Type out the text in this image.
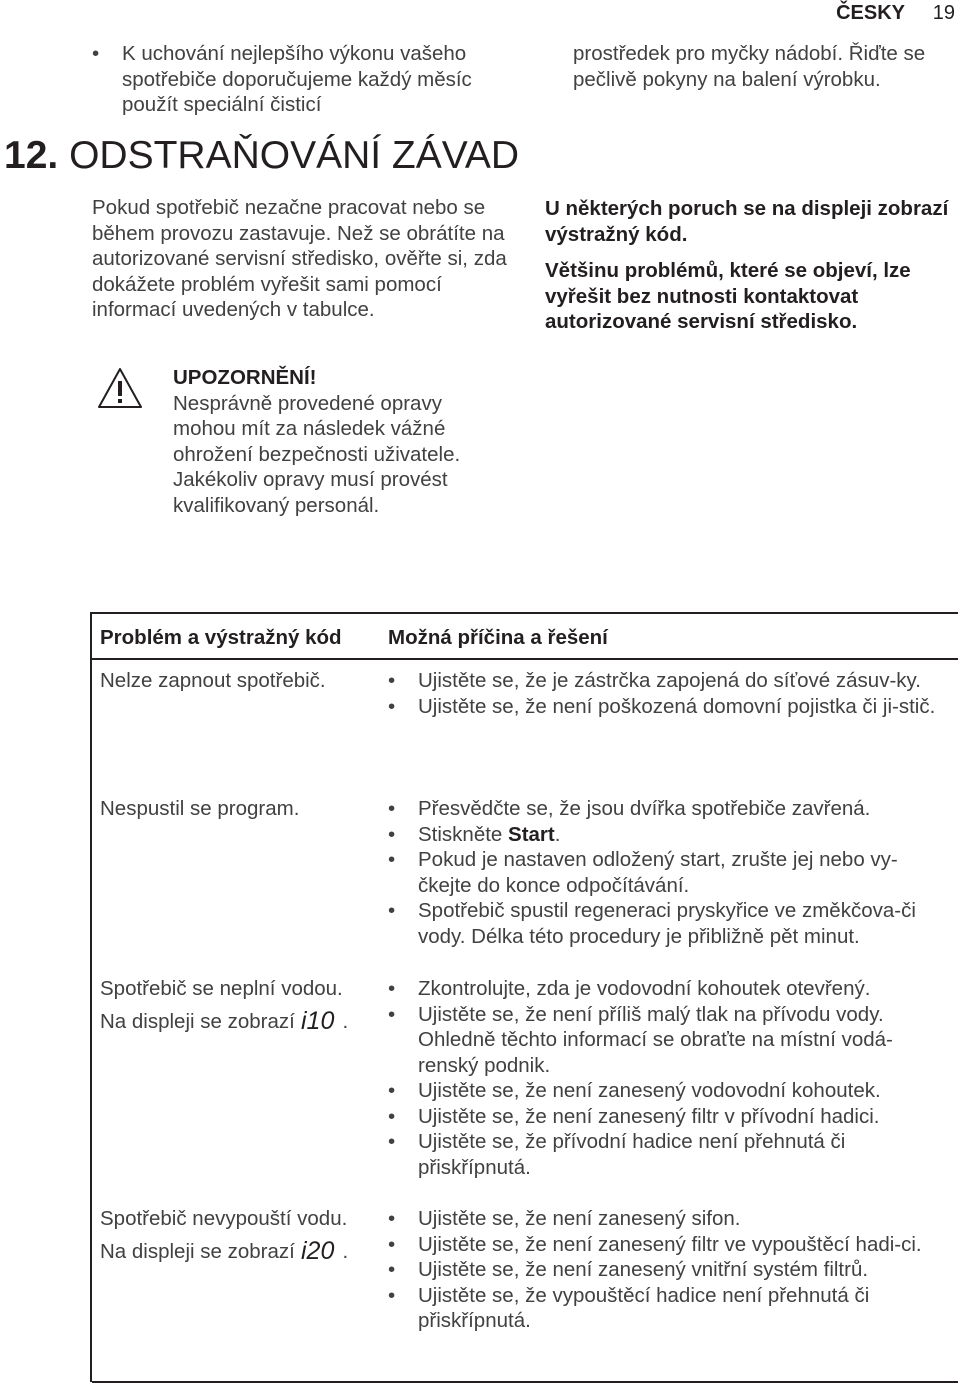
ČESKY 19
• K uchování nejlepšího výkonu vašeho spotřebiče doporučujeme každý měsíc použít speciální čisticí
prostředek pro myčky nádobí. Řiďte se pečlivě pokyny na balení výrobku.
12. ODSTRAŇOVÁNÍ ZÁVAD
Pokud spotřebič nezačne pracovat nebo se během provozu zastavuje. Než se obrátíte na autorizované servisní středisko, ověřte si, zda dokážete problém vyřešit sami pomocí informací uvedených v tabulce.
UPOZORNĚNÍ!
Nesprávně provedené opravy mohou mít za následek vážné ohrožení bezpečnosti uživatele. Jakékoliv opravy musí provést kvalifikovaný personál.
U některých poruch se na displeji zobrazí výstražný kód.
Většinu problémů, které se objeví, lze vyřešit bez nutnosti kontaktovat autorizované servisní středisko.
Problém a výstražný kód Možná příčina a řešení
Nelze zapnout spotřebič.	• Ujistěte se, že je zástrčka zapojená do síťové zásuv-ky.
• Ujistěte se, že není poškozená domovní pojistka či ji-stič.
Nespustil se program.	• Přesvědčte se, že jsou dvířka spotřebiče zavřená.
• Stiskněte Start.
• Pokud je nastaven odložený start, zrušte jej nebo vy-čkejte do konce odpočítávání.
• Spotřebič spustil regeneraci pryskyřice ve změkčova-či vody. Délka této procedury je přibližně pět minut.
Spotřebič se neplní vodou.
Na displeji se zobrazí i10 .
• Zkontrolujte, zda je vodovodní kohoutek otevřený.
• Ujistěte se, že není příliš malý tlak na přívodu vody. Ohledně těchto informací se obraťte na místní vodá-renský podnik.
• Ujistěte se, že není zanesený vodovodní kohoutek.
• Ujistěte se, že není zanesený filtr v přívodní hadici.
• Ujistěte se, že přívodní hadice není přehnutá či přiskřípnutá.
Spotřebič nevypouští vodu.
Na displeji se zobrazí i20 .
• Ujistěte se, že není zanesený sifon.
• Ujistěte se, že není zanesený filtr ve vypouštěcí hadi-ci.
• Ujistěte se, že není zanesený vnitřní systém filtrů.
• Ujistěte se, že vypouštěcí hadice není přehnutá či přiskřípnutá.
